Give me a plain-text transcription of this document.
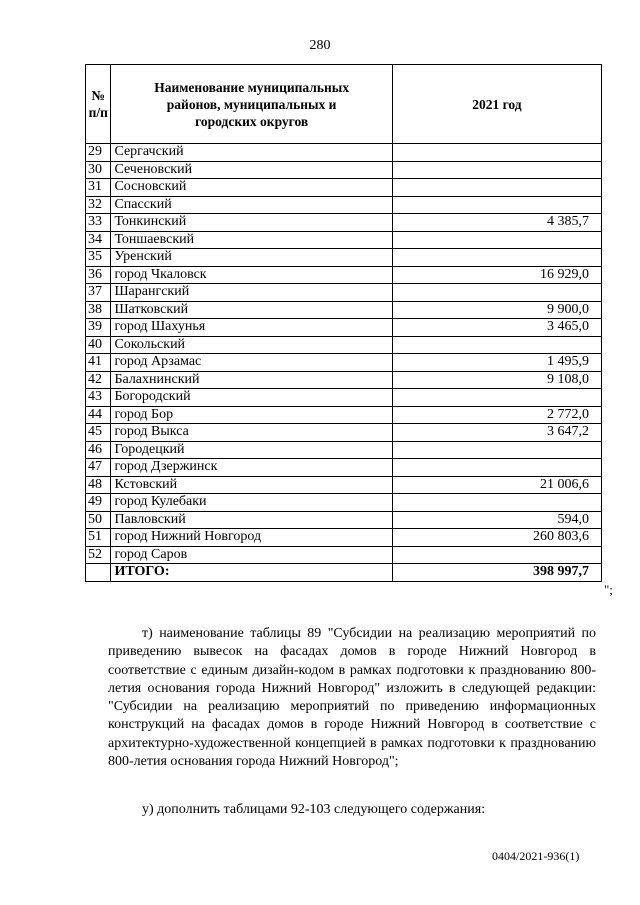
280
№ п/п	Наименование муниципальных районов, муниципальных и городских округов	2021 год
29	Сергачский	
30	Сеченовский	
31	Сосновский	
32	Спасский	
33	Тонкинский	4 385,7
34	Тоншаевский	
35	Уренский	
36	город Чкаловск	16 929,0
37	Шарангский	
38	Шатковский	9 900,0
39	город Шахунья	3 465,0
40	Сокольский	
41	город Арзамас	1 495,9
42	Балахнинский	9 108,0
43	Богородский	
44	город Бор	2 772,0
45	город Выкса	3 647,2
46	Городецкий	
47	город Дзержинск	
48	Кстовский	21 006,6
49	город Кулебаки	
50	Павловский	594,0
51	город Нижний Новгород	260 803,6
52	город Саров	
	ИТОГО:	398 997,7
";

т) наименование таблицы 89 "Субсидии на реализацию мероприятий по приведению вывесок на фасадах домов в городе Нижний Новгород в соответствие с единым дизайн-кодом в рамках подготовки к празднованию 800-летия основания города Нижний Новгород" изложить в следующей редакции: "Субсидии на реализацию мероприятий по приведению информационных конструкций на фасадах домов в городе Нижний Новгород в соответствие с архитектурно-художественной концепцией в рамках подготовки к празднованию 800-летия основания города Нижний Новгород";

у) дополнить таблицами 92-103 следующего содержания:

0404/2021-936(1)
